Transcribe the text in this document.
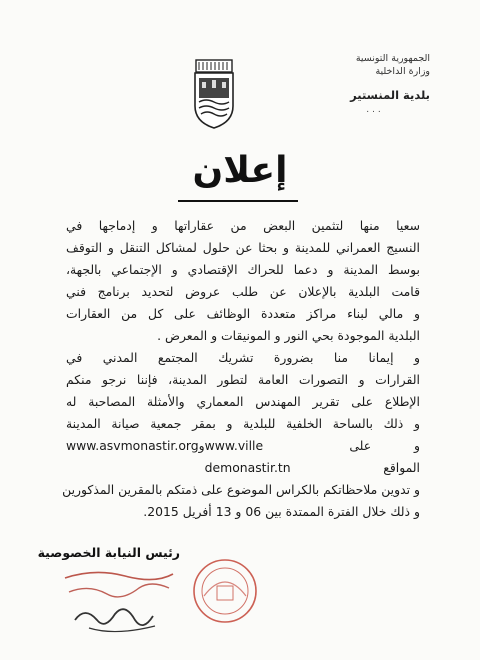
الجمهورية التونسية
وزارة الداخلية
بلدية المنستير
...
إعلان

سعيا منها لتثمين البعض من عقاراتها و إدماجها في
النسيج العمراني للمدينة و بحثا عن حلول لمشاكل التنقل و التوقف
بوسط المدينة و دعما للحراك الإقتصادي و الإجتماعي بالجهة،
قامت البلدية بالإعلان عن طلب عروض لتحديد برنامج فني
و مالي لبناء مراكز متعددة الوظائف على كل من العقارات
البلدية الموجودة بحي النور و المونيقات و المعرض .

و إيمانا منا بضرورة تشريك المجتمع المدني في
القرارات و التصورات العامة لتطور المدينة، فإننا نرجو منكم
الإطلاع على تقرير المهندس المعماري والأمثلة المصاحبة له
و ذلك بالساحة الخلفية للبلدية و بمقر جمعية صيانة المدينة
و على المواقع
www.ville demonastir.tn
و
www.asvmonastir.org
و تدوين ملاحظاتكم بالكراس الموضوع على ذمتكم بالمقرين المذكورين
و ذلك خلال الفترة الممتدة بين 06 و 13 أفريل 2015.

رئيس النيابة الخصوصية
